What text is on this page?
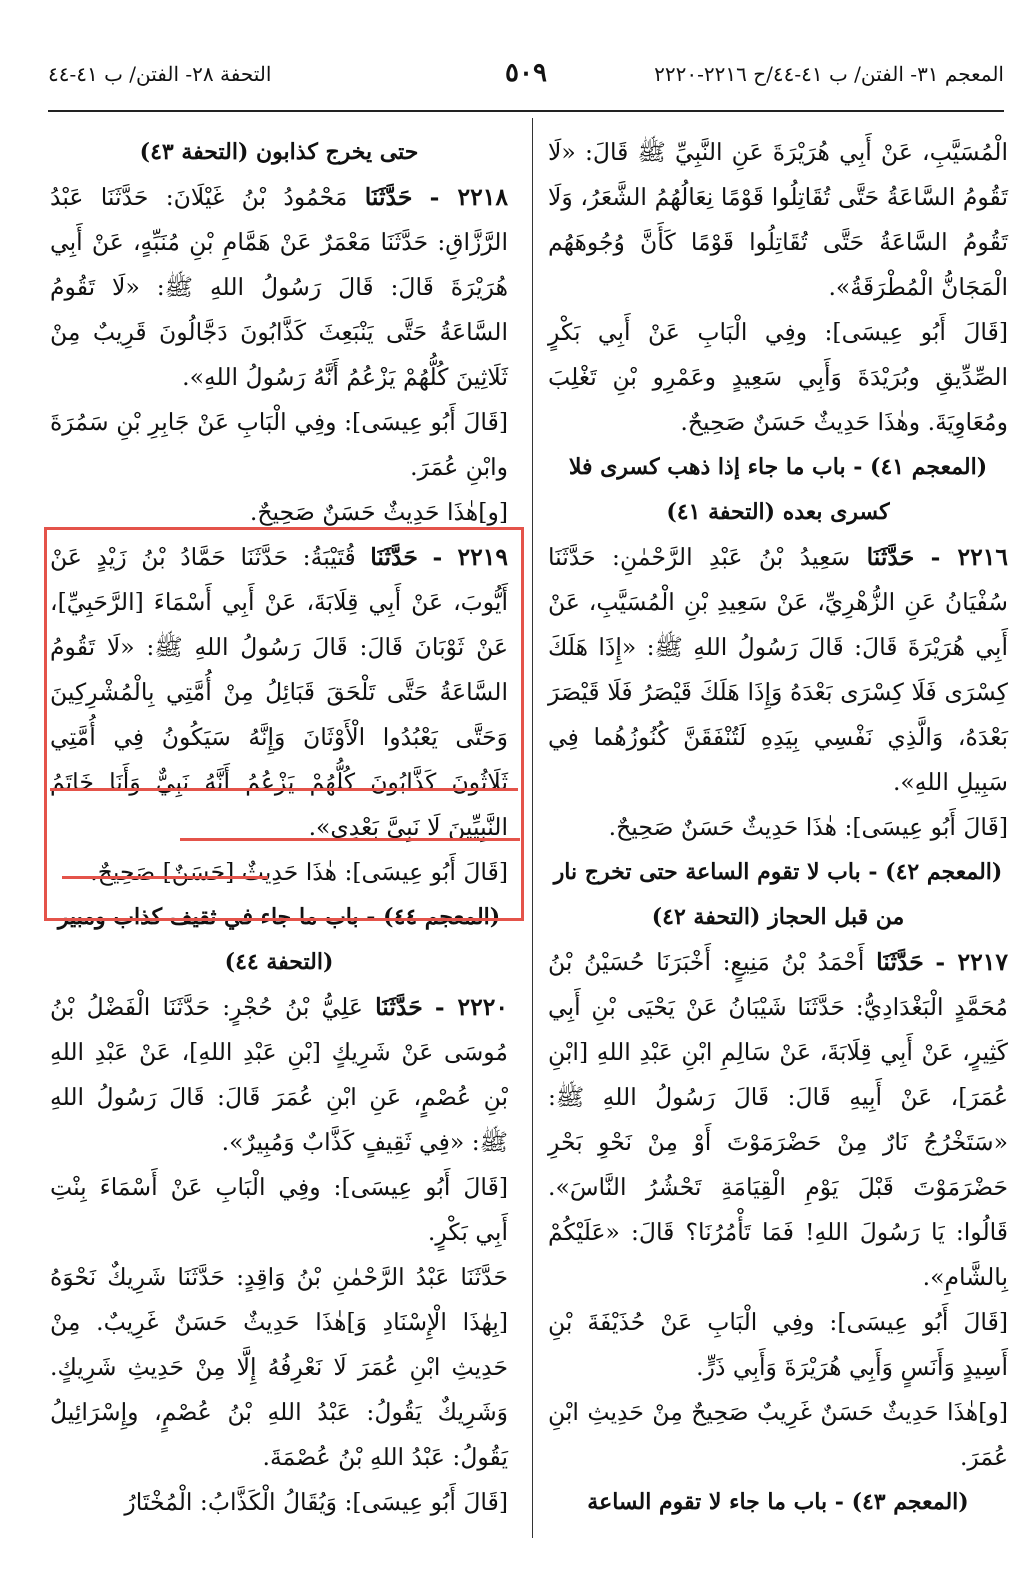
المعجم ٣١- الفتن/ ب ٤١-٤٤/ح ٢٢١٦-٢٢٢٠
٥٠٩
التحفة ٢٨- الفتن/ ب ٤١-٤٤

الْمُسَيَّبِ، عَنْ أَبِي هُرَيْرَةَ عَنِ النَّبِيِّ ﷺ قَالَ: «لَا تَقُومُ السَّاعَةُ حَتَّى تُقَاتِلُوا قَوْمًا نِعَالُهُمُ الشَّعَرُ، وَلَا تَقُومُ السَّاعَةُ حَتَّى تُقَاتِلُوا قَوْمًا كَأَنَّ وُجُوهَهُم الْمَجَانُّ الْمُطْرَقَةُ».

[قَالَ أَبُو عِيسَى]: وفِي الْبَابِ عَنْ أَبِي بَكْرٍ الصِّدِّيقِ وبُرَيْدَةَ وَأَبِي سَعِيدٍ وعَمْرِو بْنِ تَغْلِبَ ومُعَاوِيَةَ. وهٰذَا حَدِيثٌ حَسَنٌ صَحِيحٌ.

(المعجم ٤١) - باب ما جاء إذا ذهب كسرى فلا كسرى بعده (التحفة ٤١)

٢٢١٦ - حَدَّثَنَا سَعِيدُ بْنُ عَبْدِ الرَّحْمٰنِ: حَدَّثَنَا سُفْيَانُ عَنِ الزُّهْرِيِّ، عَنْ سَعِيدِ بْنِ الْمُسَيَّبِ، عَنْ أَبِي هُرَيْرَةَ قَالَ: قَالَ رَسُولُ اللهِ ﷺ: «إِذَا هَلَكَ كِسْرَى فَلَا كِسْرَى بَعْدَهُ وَإِذَا هَلَكَ قَيْصَرُ فَلَا قَيْصَرَ بَعْدَهُ، وَالَّذِي نَفْسِي بِيَدِهِ لَتُنْفَقَنَّ كُنُوزُهُما فِي سَبِيلِ اللهِ».

[قَالَ أَبُو عِيسَى]: هٰذَا حَدِيثٌ حَسَنٌ صَحِيحٌ.

(المعجم ٤٢) - باب لا تقوم الساعة حتى تخرج نار من قبل الحجاز (التحفة ٤٢)

٢٢١٧ - حَدَّثَنَا أَحْمَدُ بْنُ مَنِيعٍ: أَخْبَرَنَا حُسَيْنُ بْنُ مُحَمَّدٍ الْبَغْدَادِيُّ: حَدَّثَنَا شَيْبَانُ عَنْ يَحْيَى بْنِ أَبِي كَثِيرٍ، عَنْ أَبِي قِلَابَةَ، عَنْ سَالِمِ ابْنِ عَبْدِ اللهِ [ابْنِ عُمَرَ]، عَنْ أَبِيهِ قَالَ: قَالَ رَسُولُ اللهِ ﷺ: «سَتَخْرُجُ نَارٌ مِنْ حَضْرَمَوْتَ أَوْ مِنْ نَحْوِ بَحْرِ حَضْرَمَوْتَ قَبْلَ يَوْمِ الْقِيَامَةِ تَحْشُرُ النَّاسَ». قَالُوا: يَا رَسُولَ اللهِ! فَمَا تَأْمُرُنَا؟ قَالَ: «عَلَيْكُمْ بِالشَّامِ».

[قَالَ أَبُو عِيسَى]: وفِي الْبَابِ عَنْ حُذَيْفَةَ بْنِ أَسِيدٍ وَأَنَسٍ وَأَبِي هُرَيْرَةَ وَأَبِي ذَرٍّ.

[و]هٰذَا حَدِيثٌ حَسَنٌ غَرِيبٌ صَحِيحٌ مِنْ حَدِيثِ ابْنِ عُمَرَ.

(المعجم ٤٣) - باب ما جاء لا تقوم الساعة

حتى يخرج كذابون (التحفة ٤٣)

٢٢١٨ - حَدَّثَنَا مَحْمُودُ بْنُ غَيْلَانَ: حَدَّثَنَا عَبْدُ الرَّزَّاقِ: حَدَّثَنَا مَعْمَرٌ عَنْ هَمَّامِ بْنِ مُنَبِّهٍ، عَنْ أَبِي هُرَيْرَةَ قَالَ: قَالَ رَسُولُ اللهِ ﷺ: «لَا تَقُومُ السَّاعَةُ حَتَّى يَنْبَعِثَ كَذَّابُونَ دَجَّالُونَ قَرِيبٌ مِنْ ثَلَاثِينَ كُلُّهُمْ يَزْعُمُ أَنَّهُ رَسُولُ اللهِ».

[قَالَ أَبُو عِيسَى]: وفِي الْبَابِ عَنْ جَابِرِ بْنِ سَمُرَةَ وابْنِ عُمَرَ.

[و]هٰذَا حَدِيثٌ حَسَنٌ صَحِيحٌ.

٢٢١٩ - حَدَّثَنَا قُتَيْبَةُ: حَدَّثَنَا حَمَّادُ بْنُ زَيْدٍ عَنْ أَيُّوبَ، عَنْ أَبِي قِلَابَةَ، عَنْ أَبِي أَسْمَاءَ [الرَّحَبِيِّ]، عَنْ ثَوْبَانَ قَالَ: قَالَ رَسُولُ اللهِ ﷺ: «لَا تَقُومُ السَّاعَةُ حَتَّى تَلْحَقَ قَبَائِلُ مِنْ أُمَّتِي بِالْمُشْرِكِينَ وَحَتَّى يَعْبُدُوا الْأَوْثَانَ وَإِنَّهُ سَيَكُونُ فِي أُمَّتِي ثَلَاثُونَ كَذَّابُونَ كُلُّهُمْ يَزْعُمُ أَنَّهُ نَبِيٌّ وَأَنَا خَاتَمُ النَّبِيِّينَ لَا نَبِيَّ بَعْدِي».

[قَالَ أَبُو عِيسَى]: هٰذَا حَدِيثٌ [حَسَنٌ] صَحِيحٌ.

(المعجم ٤٤) - باب ما جاء في ثقيف كذاب ومبير (التحفة ٤٤)

٢٢٢٠ - حَدَّثَنَا عَلِيُّ بْنُ حُجْرٍ: حَدَّثَنَا الْفَضْلُ بْنُ مُوسَى عَنْ شَرِيكٍ [بْنِ عَبْدِ اللهِ]، عَنْ عَبْدِ اللهِ بْنِ عُصْمٍ، عَنِ ابْنِ عُمَرَ قَالَ: قَالَ رَسُولُ اللهِ ﷺ: «فِي ثَقِيفٍ كَذَّابٌ وَمُبِيرٌ».

[قَالَ أَبُو عِيسَى]: وفِي الْبَابِ عَنْ أَسْمَاءَ بِنْتِ أَبِي بَكْرٍ.

حَدَّثَنَا عَبْدُ الرَّحْمٰنِ بْنُ وَاقِدٍ: حَدَّثَنَا شَرِيكٌ نَحْوَهُ [بِهٰذَا الْإِسْنَادِ وَ]هٰذَا حَدِيثٌ حَسَنٌ غَرِيبٌ. مِنْ حَدِيثِ ابْنِ عُمَرَ لَا نَعْرِفُهُ إِلَّا مِنْ حَدِيثِ شَرِيكٍ. وَشَرِيكٌ يَقُولُ: عَبْدُ اللهِ بْنُ عُصْمٍ، وإِسْرَائِيلُ يَقُولُ: عَبْدُ اللهِ بْنُ عُصْمَةَ.

[قَالَ أَبُو عِيسَى]: وَيُقَالُ الْكَذَّابُ: الْمُخْتَارُ
